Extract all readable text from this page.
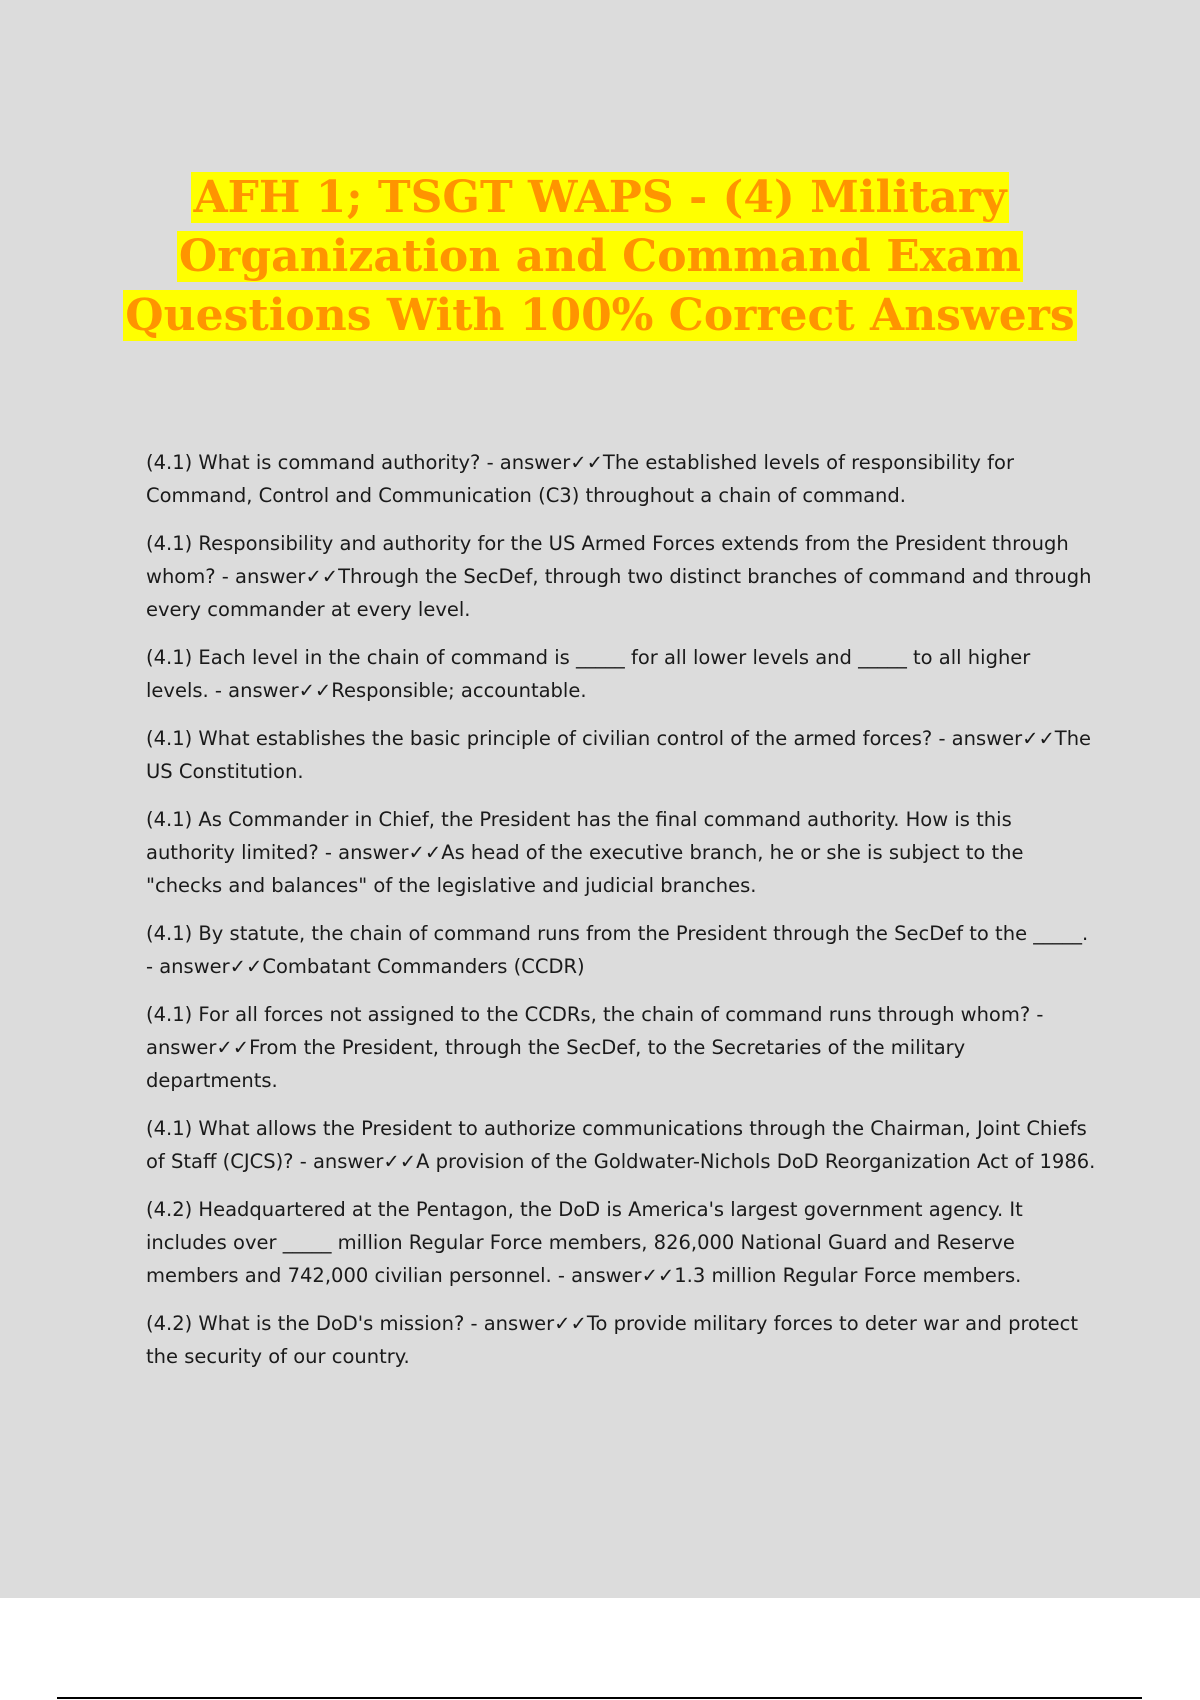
AFH 1; TSGT WAPS - (4) Military
Organization and Command Exam
Questions With 100% Correct Answers

(4.1) What is command authority? - answer✓✓The established levels of responsibility for Command, Control and Communication (C3) throughout a chain of command.

(4.1) Responsibility and authority for the US Armed Forces extends from the President through whom? - answer✓✓Through the SecDef, through two distinct branches of command and through every commander at every level.

(4.1) Each level in the chain of command is _____ for all lower levels and _____ to all higher levels. - answer✓✓Responsible; accountable.

(4.1) What establishes the basic principle of civilian control of the armed forces? - answer✓✓The US Constitution.

(4.1) As Commander in Chief, the President has the final command authority. How is this authority limited? - answer✓✓As head of the executive branch, he or she is subject to the "checks and balances" of the legislative and judicial branches.

(4.1) By statute, the chain of command runs from the President through the SecDef to the _____. - answer✓✓Combatant Commanders (CCDR)

(4.1) For all forces not assigned to the CCDRs, the chain of command runs through whom? - answer✓✓From the President, through the SecDef, to the Secretaries of the military departments.

(4.1) What allows the President to authorize communications through the Chairman, Joint Chiefs of Staff (CJCS)? - answer✓✓A provision of the Goldwater-Nichols DoD Reorganization Act of 1986.

(4.2) Headquartered at the Pentagon, the DoD is America's largest government agency. It includes over _____ million Regular Force members, 826,000 National Guard and Reserve members and 742,000 civilian personnel. - answer✓✓1.3 million Regular Force members.

(4.2) What is the DoD's mission? - answer✓✓To provide military forces to deter war and protect the security of our country.
